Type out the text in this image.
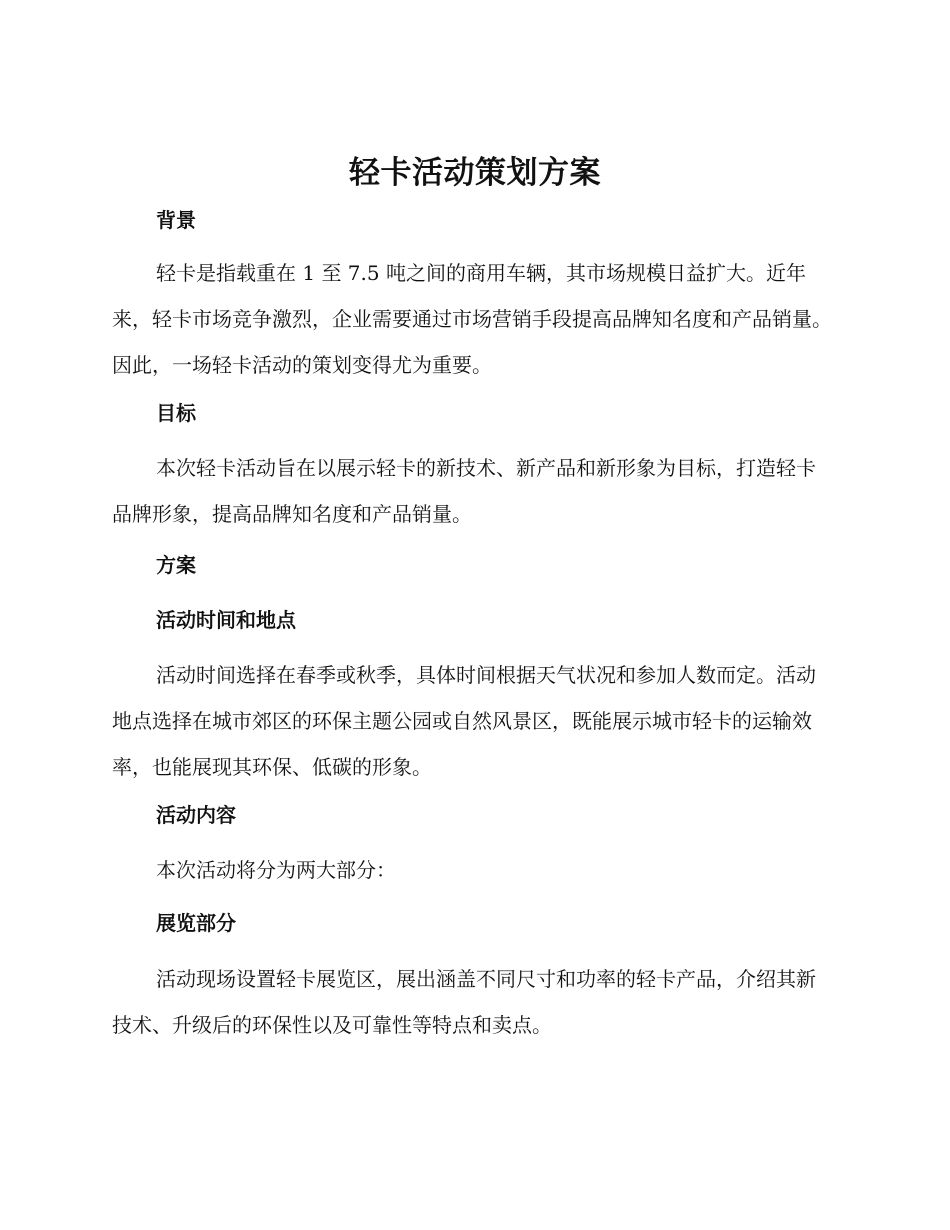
轻卡活动策划方案
背景

轻卡是指载重在 1 至 7.5 吨之间的商用车辆，其市场规模日益扩大。近年来，轻卡市场竞争激烈，企业需要通过市场营销手段提高品牌知名度和产品销量。因此，一场轻卡活动的策划变得尤为重要。

目标

本次轻卡活动旨在以展示轻卡的新技术、新产品和新形象为目标，打造轻卡品牌形象，提高品牌知名度和产品销量。

方案
活动时间和地点

活动时间选择在春季或秋季，具体时间根据天气状况和参加人数而定。活动地点选择在城市郊区的环保主题公园或自然风景区，既能展示城市轻卡的运输效率，也能展现其环保、低碳的形象。

活动内容

本次活动将分为两大部分：

展览部分

活动现场设置轻卡展览区，展出涵盖不同尺寸和功率的轻卡产品，介绍其新技术、升级后的环保性以及可靠性等特点和卖点。
